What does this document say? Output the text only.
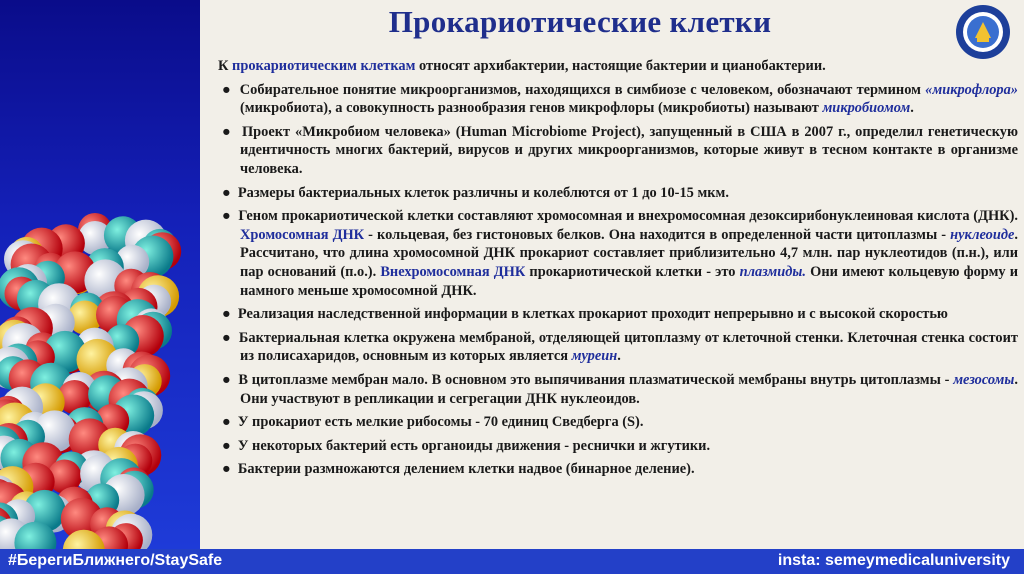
Прокариотические клетки
К прокариотическим клеткам относят архибактерии, настоящие бактерии и цианобактерии.
●  Собирательное понятие микроорганизмов, находящихся в симбиозе с человеком, обозначают термином «микрофлора» (микробиота), а совокупность разнообразия генов микрофлоры (микробиоты) называют микробиомом.
●  Проект «Микробиом человека» (Human Microbiome Project), запущенный в США в 2007 г., определил генетическую идентичность многих бактерий, вирусов и других микроорганизмов, которые живут в тесном контакте в организме человека.
●  Размеры бактериальных клеток различны и колеблются от 1 до 10-15 мкм.
●  Геном прокариотической клетки составляют хромосомная и внехромосомная дезоксирибонуклеиновая кислота (ДНК). Хромосомная ДНК - кольцевая, без гистоновых белков. Она находится в определенной части цитоплазмы - нуклеоиде. Рассчитано, что длина хромосомной ДНК прокариот составляет приблизительно 4,7 млн. пар нуклеотидов (п.н.), или пар оснований (п.о.). Внехромосомная ДНК прокариотической клетки - это плазмиды. Они имеют кольцевую форму и намного меньше хромосомной ДНК.
●  Реализация наследственной информации в клетках прокариот проходит непрерывно и с высокой скоростью
●  Бактериальная клетка окружена мембраной, отделяющей цитоплазму от клеточной стенки. Клеточная стенка состоит из полисахаридов, основным из которых является муреин.
●  В цитоплазме мембран мало. В основном это выпячивания плазматической мембраны внутрь цитоплазмы - мезосомы. Они участвуют в репликации и сегрегации ДНК нуклеоидов.
●  У прокариот есть мелкие рибосомы - 70 единиц Сведберга (S).
●  У некоторых бактерий есть органоиды движения - реснички и жгутики.
●  Бактерии размножаются делением клетки надвое (бинарное деление).
#БерегиБлижнего/StaySafe	insta: semeymedicaluniversity
